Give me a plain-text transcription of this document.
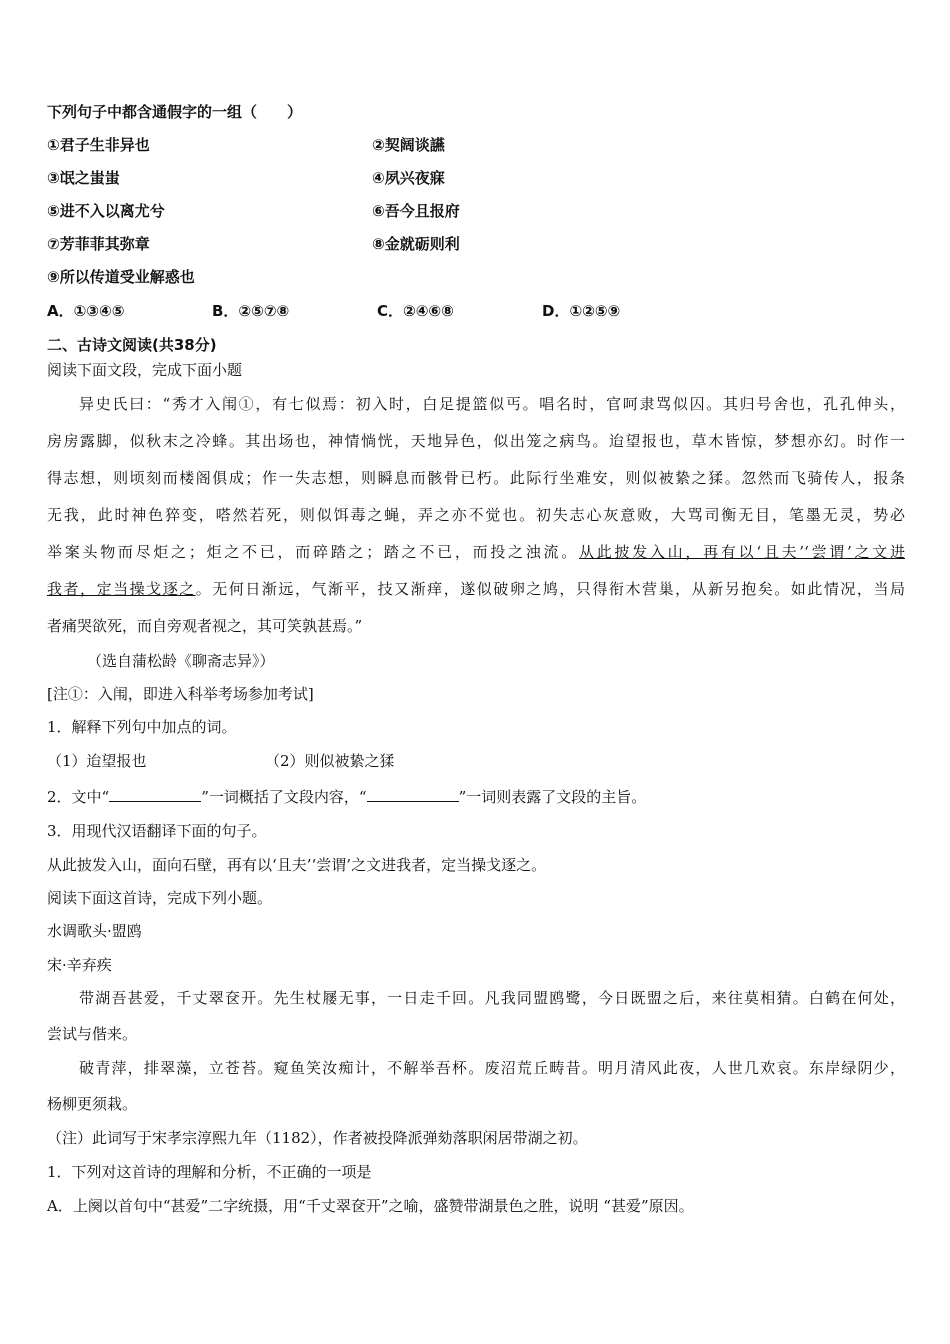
下列句子中都含通假字的一组（　　）
①君子生非异也	②契阔谈讌
③氓之蚩蚩	④夙兴夜寐
⑤进不入以离尤兮	⑥吾今且报府
⑦芳菲菲其弥章	⑧金就砺则利
⑨所以传道受业解惑也
A．①③④⑤	B．②⑤⑦⑧	C．②④⑥⑧	D．①②⑤⑨
二、古诗文阅读(共38分)
阅读下面文段，完成下面小题
异史氏曰：“秀才入闱①，有七似焉：初入时，白足提篮似丐。唱名时，官呵隶骂似囚。其归号舍也，孔孔伸头，
房房露脚，似秋末之冷蜂。其出场也，神情惝恍，天地异色，似出笼之病鸟。迨望报也，草木皆惊，梦想亦幻。时作一
得志想，则顷刻而楼阁俱成；作一失志想，则瞬息而骸骨已朽。此际行坐难安，则似被絷之猱。忽然而飞骑传人，报条
无我，此时神色猝变，嗒然若死，则似饵毒之蝇，弄之亦不觉也。初失志心灰意败，大骂司衡无目，笔墨无灵，势必
举案头物而尽炬之；炬之不已，而碎踏之；踏之不已，而投之浊流。从此披发入山，再有以‘且夫’‘尝谓’之文进
我者，定当操戈逐之。无何日渐远，气渐平，技又渐痒，遂似破卵之鸠，只得衔木营巢，从新另抱矣。如此情况，当局
者痛哭欲死，而自旁观者视之，其可笑孰甚焉。”
（选自蒲松龄《聊斋志异》）
[注①：入闱，即进入科举考场参加考试]
1．解释下列句中加点的词。
（1）迨望报也	（2）则似被絷之猱
2．文中“	”一词概括了文段内容，“	”一词则表露了文段的主旨。
3．用现代汉语翻译下面的句子。
从此披发入山，面向石壁，再有以‘且夫’‘尝谓’之文进我者，定当操戈逐之。
阅读下面这首诗，完成下列小题。
水调歌头·盟鸥
宋·辛弃疾
带湖吾甚爱，千丈翠奁开。先生杖屦无事，一日走千回。凡我同盟鸥鹭，今日既盟之后，来往莫相猜。白鹤在何处，
尝试与偕来。
破青萍，排翠藻，立苍苔。窥鱼笑汝痴计，不解举吾杯。废沼荒丘畴昔。明月清风此夜，人世几欢哀。东岸绿阴少，
杨柳更须栽。
（注）此词写于宋孝宗淳熙九年（1182），作者被投降派弹劾落职闲居带湖之初。
1．下列对这首诗的理解和分析，不正确的一项是
A．上阕以首句中“甚爱”二字统摄，用“千丈翠奁开”之喻，盛赞带湖景色之胜，说明 “甚爱”原因。
